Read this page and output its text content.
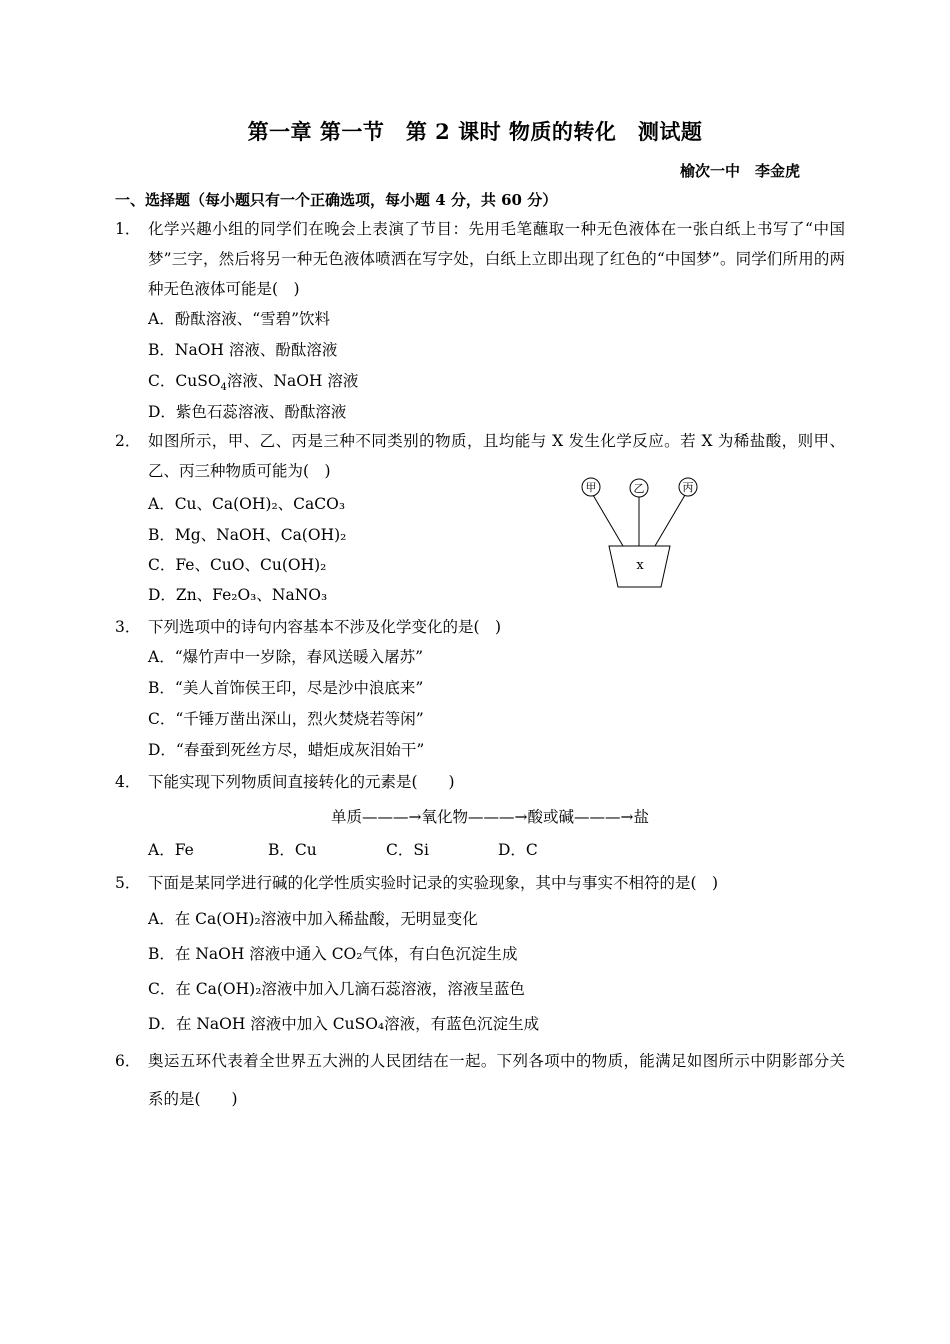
第一章 第一节　第 2 课时 物质的转化　测试题
榆次一中　李金虎
一、选择题（每小题只有一个正确选项，每小题 4 分，共 60 分）
1． 化学兴趣小组的同学们在晚会上表演了节目：先用毛笔蘸取一种无色液体在一张白纸上书写了“中国梦”三字，然后将另一种无色液体喷洒在写字处，白纸上立即出现了红色的“中国梦”。同学们所用的两种无色液体可能是(　)
A．酚酞溶液、“雪碧”饮料
B．NaOH 溶液、酚酞溶液
C．CuSO$_4$溶液、NaOH 溶液
D．紫色石蕊溶液、酚酞溶液
2． 如图所示，甲、乙、丙是三种不同类别的物质，且均能与 X 发生化学反应。若 X 为稀盐酸，则甲、乙、丙三种物质可能为(　)
A．Cu、Ca(OH)₂、CaCO₃
B．Mg、NaOH、Ca(OH)₂
C．Fe、CuO、Cu(OH)₂
D．Zn、Fe₂O₃、NaNO₃
甲	乙	丙
x
3． 下列选项中的诗句内容基本不涉及化学变化的是(　)
A．“爆竹声中一岁除，春风送暖入屠苏”
B．“美人首饰侯王印，尽是沙中浪底来”
C．“千锤万凿出深山，烈火焚烧若等闲”
D．“春蚕到死丝方尽，蜡炬成灰泪始干”
4． 下能实现下列物质间直接转化的元素是(　　)
单质———→氧化物———→酸或碱———→盐
A．Fe	B．Cu	C．Si	D．C
5． 下面是某同学进行碱的化学性质实验时记录的实验现象，其中与事实不相符的是(　)
A．在 Ca(OH)₂溶液中加入稀盐酸，无明显变化
B．在 NaOH 溶液中通入 CO₂气体，有白色沉淀生成
C．在 Ca(OH)₂溶液中加入几滴石蕊溶液，溶液呈蓝色
D．在 NaOH 溶液中加入 CuSO₄溶液，有蓝色沉淀生成
6． 奥运五环代表着全世界五大洲的人民团结在一起。下列各项中的物质，能满足如图所示中阴影部分关系的是(　　)
